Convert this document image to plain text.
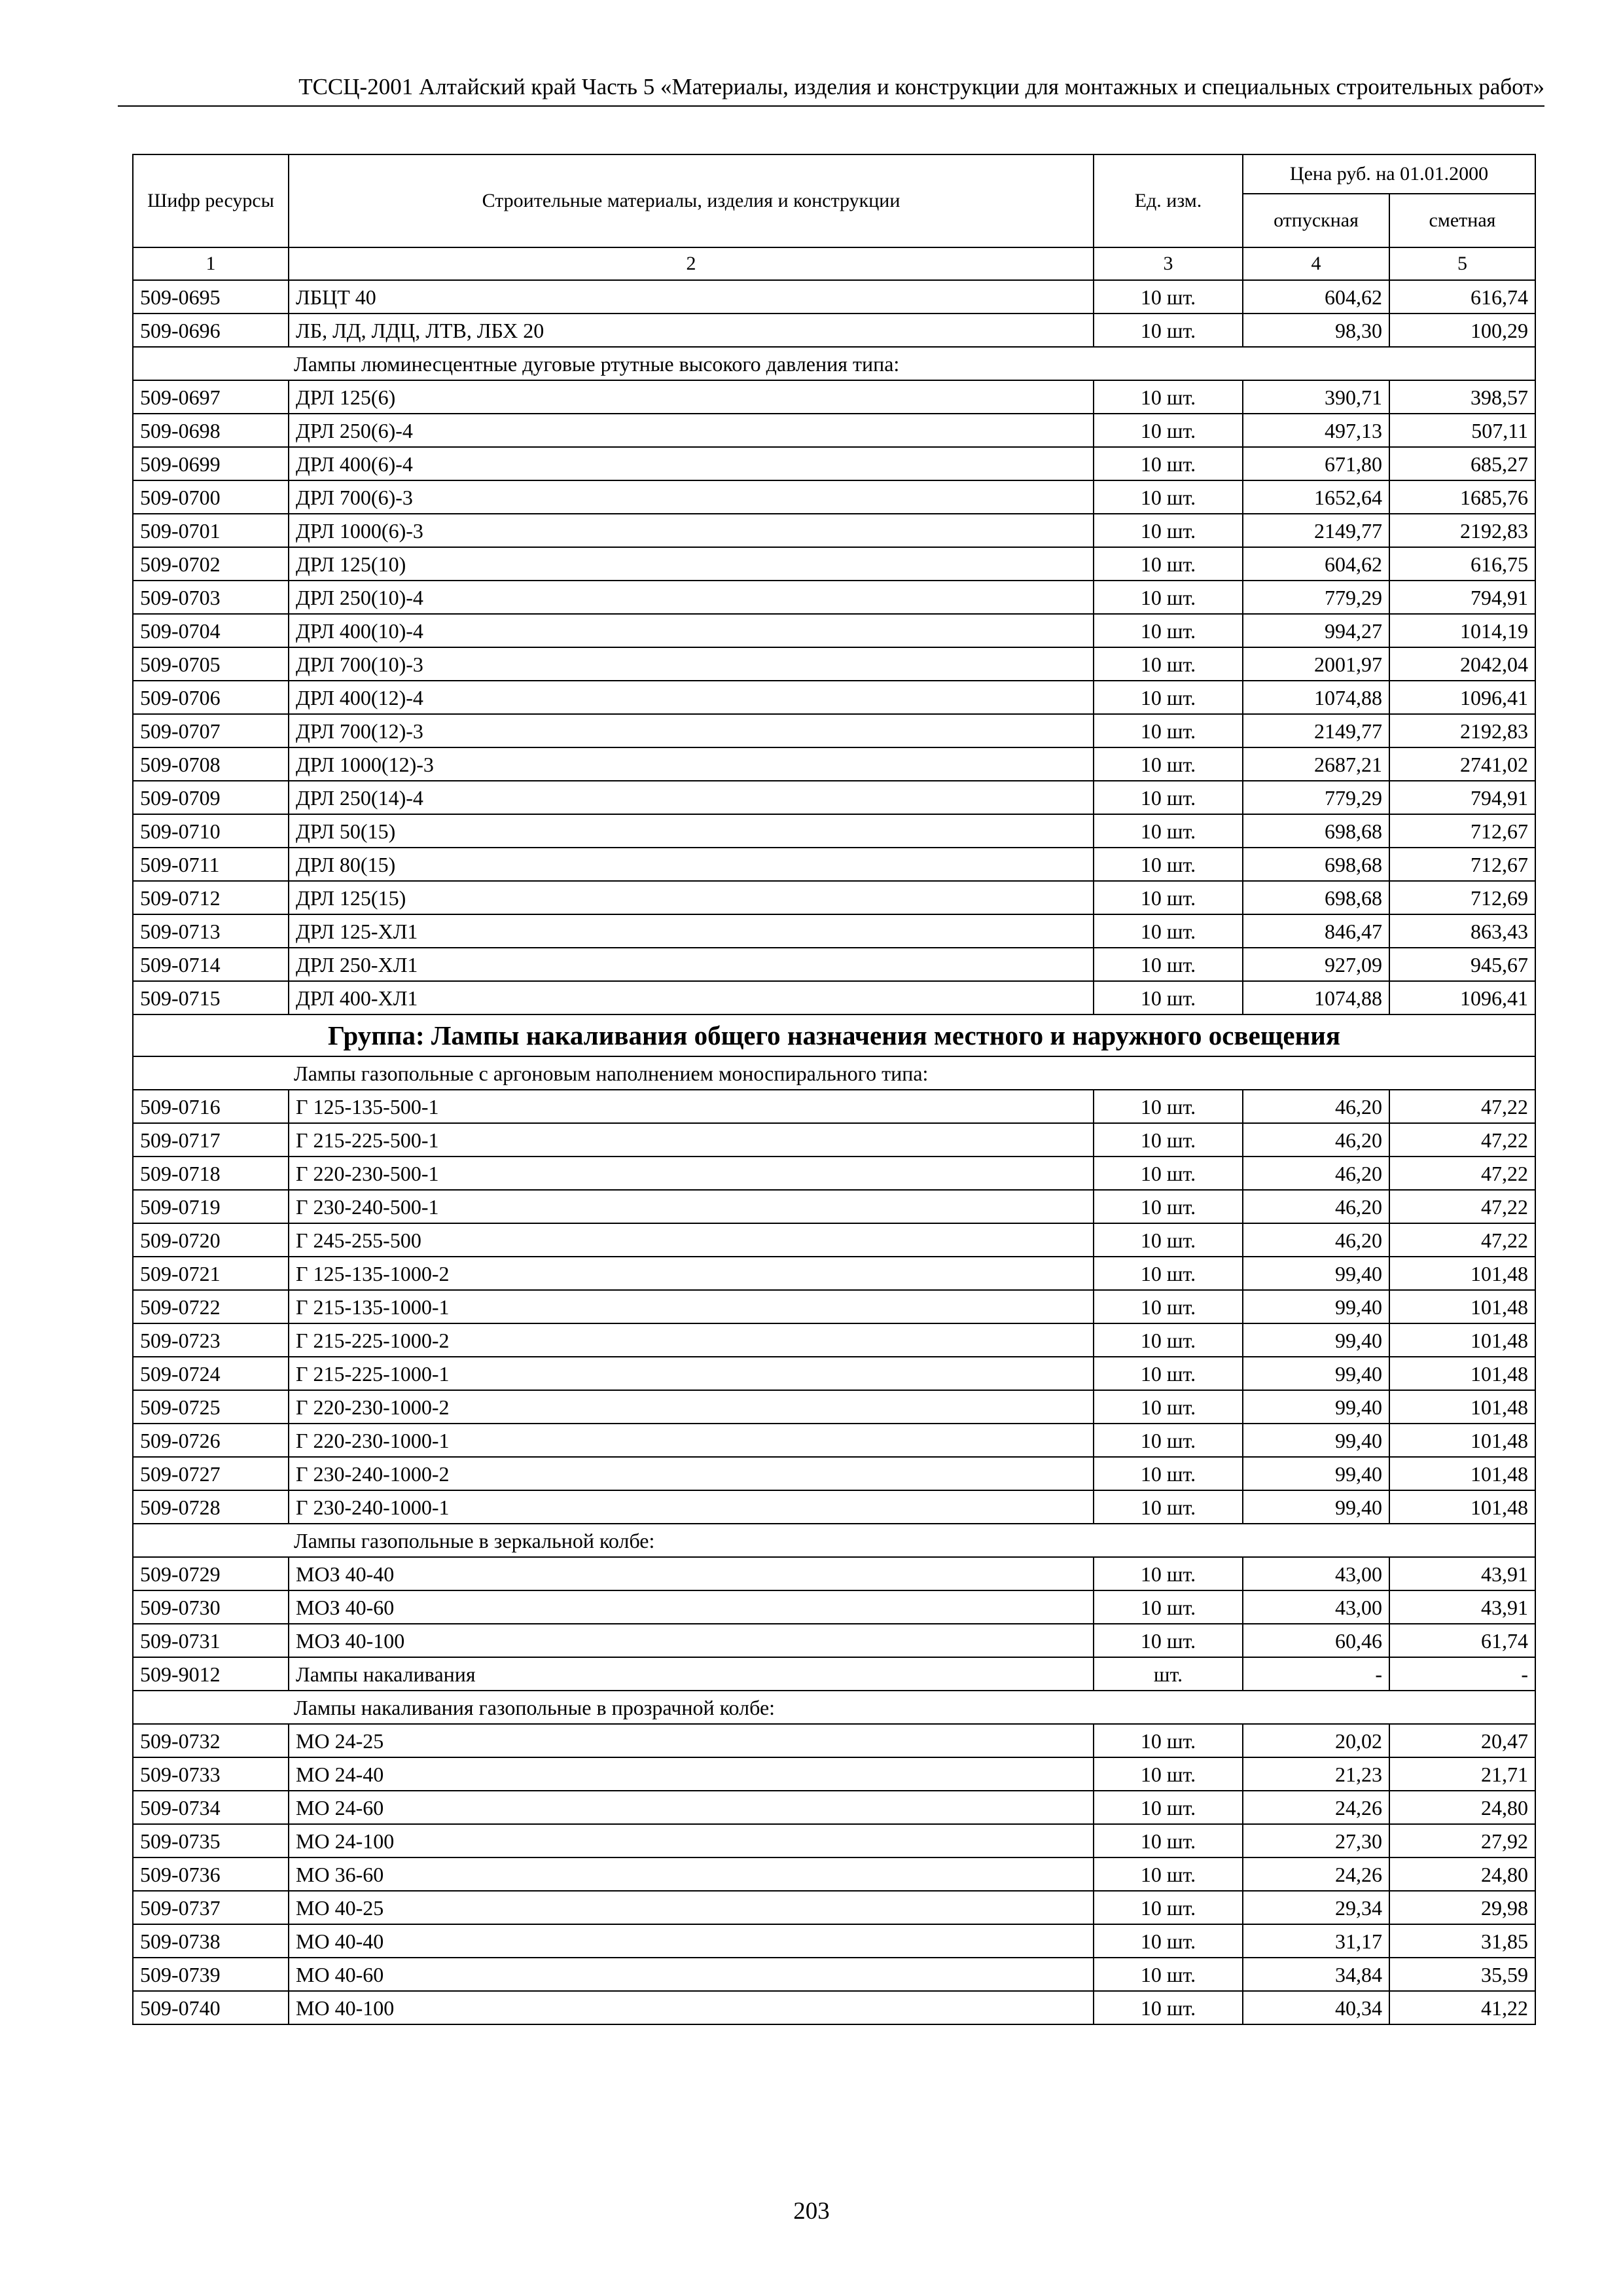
ТССЦ-2001 Алтайский край Часть 5 «Материалы, изделия и конструкции для монтажных и специальных строительных работ»
Шифр ресурсы	Строительные материалы, изделия и конструкции	Ед. изм.	Цена руб. на 01.01.2000	
			отпускная	сметная
1	2	3	4	5
509-0695	ЛБЦТ 40	10 шт.	604,62	616,74
509-0696	ЛБ, ЛД, ЛДЦ, ЛТВ, ЛБХ 20	10 шт.	98,30	100,29
Лампы люминесцентные дуговые ртутные высокого давления типа:				
509-0697	ДРЛ 125(6)	10 шт.	390,71	398,57
509-0698	ДРЛ 250(6)-4	10 шт.	497,13	507,11
509-0699	ДРЛ 400(6)-4	10 шт.	671,80	685,27
509-0700	ДРЛ 700(6)-3	10 шт.	1652,64	1685,76
509-0701	ДРЛ 1000(6)-3	10 шт.	2149,77	2192,83
509-0702	ДРЛ 125(10)	10 шт.	604,62	616,75
509-0703	ДРЛ 250(10)-4	10 шт.	779,29	794,91
509-0704	ДРЛ 400(10)-4	10 шт.	994,27	1014,19
509-0705	ДРЛ 700(10)-3	10 шт.	2001,97	2042,04
509-0706	ДРЛ 400(12)-4	10 шт.	1074,88	1096,41
509-0707	ДРЛ 700(12)-3	10 шт.	2149,77	2192,83
509-0708	ДРЛ 1000(12)-3	10 шт.	2687,21	2741,02
509-0709	ДРЛ 250(14)-4	10 шт.	779,29	794,91
509-0710	ДРЛ 50(15)	10 шт.	698,68	712,67
509-0711	ДРЛ 80(15)	10 шт.	698,68	712,67
509-0712	ДРЛ 125(15)	10 шт.	698,68	712,69
509-0713	ДРЛ 125-ХЛ1	10 шт.	846,47	863,43
509-0714	ДРЛ 250-ХЛ1	10 шт.	927,09	945,67
509-0715	ДРЛ 400-ХЛ1	10 шт.	1074,88	1096,41
Группа: Лампы накаливания общего назначения местного и наружного освещения				
Лампы газопольные с аргоновым наполнением моноспирального типа:				
509-0716	Г 125-135-500-1	10 шт.	46,20	47,22
509-0717	Г 215-225-500-1	10 шт.	46,20	47,22
509-0718	Г 220-230-500-1	10 шт.	46,20	47,22
509-0719	Г 230-240-500-1	10 шт.	46,20	47,22
509-0720	Г 245-255-500	10 шт.	46,20	47,22
509-0721	Г 125-135-1000-2	10 шт.	99,40	101,48
509-0722	Г 215-135-1000-1	10 шт.	99,40	101,48
509-0723	Г 215-225-1000-2	10 шт.	99,40	101,48
509-0724	Г 215-225-1000-1	10 шт.	99,40	101,48
509-0725	Г 220-230-1000-2	10 шт.	99,40	101,48
509-0726	Г 220-230-1000-1	10 шт.	99,40	101,48
509-0727	Г 230-240-1000-2	10 шт.	99,40	101,48
509-0728	Г 230-240-1000-1	10 шт.	99,40	101,48
Лампы газопольные в зеркальной колбе:				
509-0729	МОЗ 40-40	10 шт.	43,00	43,91
509-0730	МОЗ 40-60	10 шт.	43,00	43,91
509-0731	МОЗ 40-100	10 шт.	60,46	61,74
509-9012	Лампы накаливания	шт.	-	-
Лампы накаливания газопольные в прозрачной колбе:				
509-0732	МО 24-25	10 шт.	20,02	20,47
509-0733	МО 24-40	10 шт.	21,23	21,71
509-0734	МО 24-60	10 шт.	24,26	24,80
509-0735	МО 24-100	10 шт.	27,30	27,92
509-0736	МО 36-60	10 шт.	24,26	24,80
509-0737	МО 40-25	10 шт.	29,34	29,98
509-0738	МО 40-40	10 шт.	31,17	31,85
509-0739	МО 40-60	10 шт.	34,84	35,59
509-0740	МО 40-100	10 шт.	40,34	41,22
203
